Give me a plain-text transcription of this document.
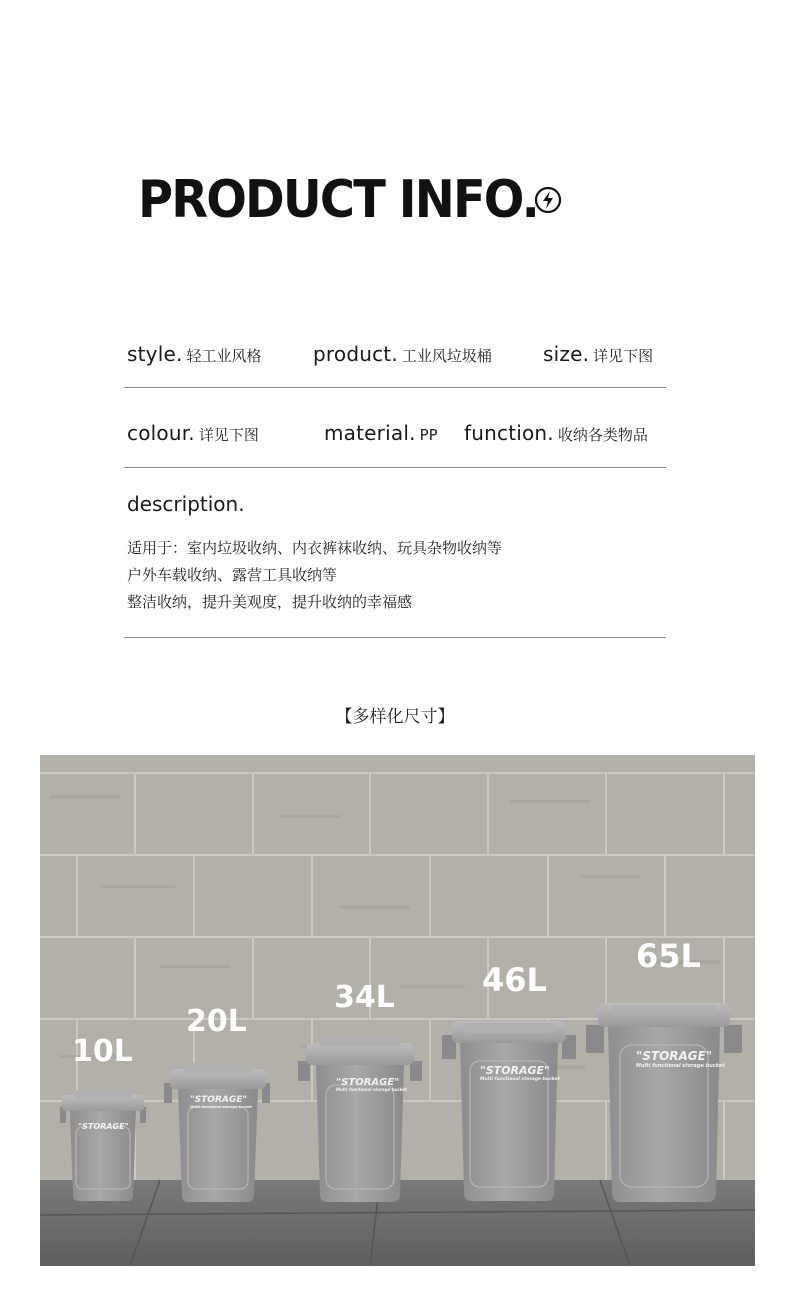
PRODUCT INFO.
style. 轻工业风格	product. 工业风垃圾桶	size. 详见下图
colour. 详见下图	material. PP function. 收纳各类物品
description.
适用于：室内垃圾收纳、内衣裤袜收纳、玩具杂物收纳等
户外车载收纳、露营工具收纳等
整洁收纳，提升美观度，提升收纳的幸福感
【多样化尺寸】
"STORAGE"
"STORAGE"
Multi functional storage bucket
"STORAGE"
Multi functional storage bucket
"STORAGE"
Multi functional storage bucket
"STORAGE"
Multi functional storage bucket
10L
20L
34L	46L
65L
